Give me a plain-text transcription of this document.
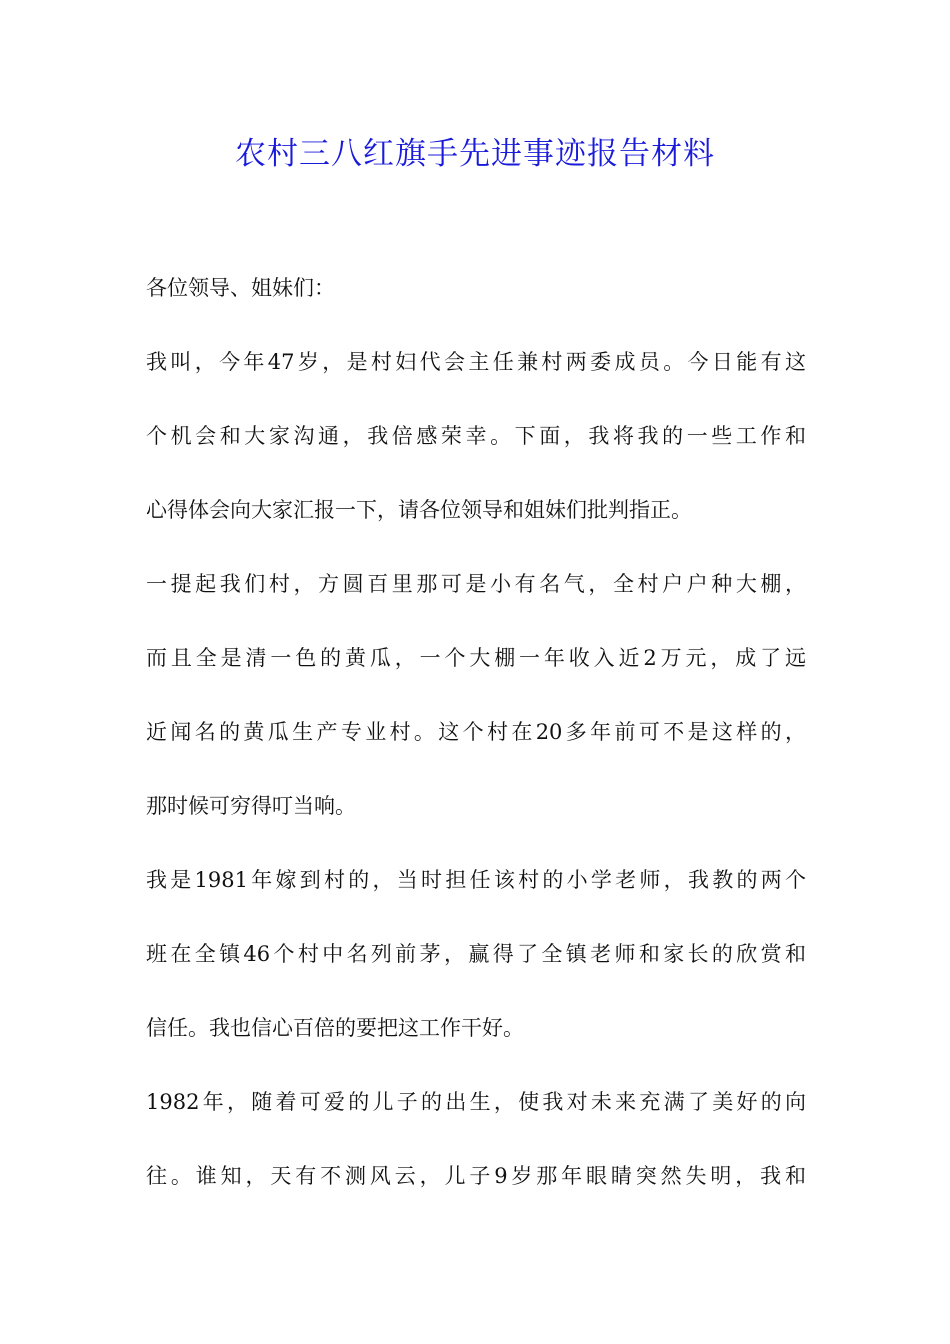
农村三八红旗手先进事迹报告材料
各位领导、姐妹们：
我叫，今年47岁，是村妇代会主任兼村两委成员。今日能有这
个机会和大家沟通，我倍感荣幸。下面，我将我的一些工作和
心得体会向大家汇报一下，请各位领导和姐妹们批判指正。
一提起我们村，方圆百里那可是小有名气，全村户户种大棚，
而且全是清一色的黄瓜，一个大棚一年收入近2万元，成了远
近闻名的黄瓜生产专业村。这个村在20多年前可不是这样的，
那时候可穷得叮当响。
我是1981年嫁到村的，当时担任该村的小学老师，我教的两个
班在全镇46个村中名列前茅，赢得了全镇老师和家长的欣赏和
信任。我也信心百倍的要把这工作干好。
1982年，随着可爱的儿子的出生，使我对未来充满了美好的向
往。谁知，天有不测风云，儿子9岁那年眼睛突然失明，我和
